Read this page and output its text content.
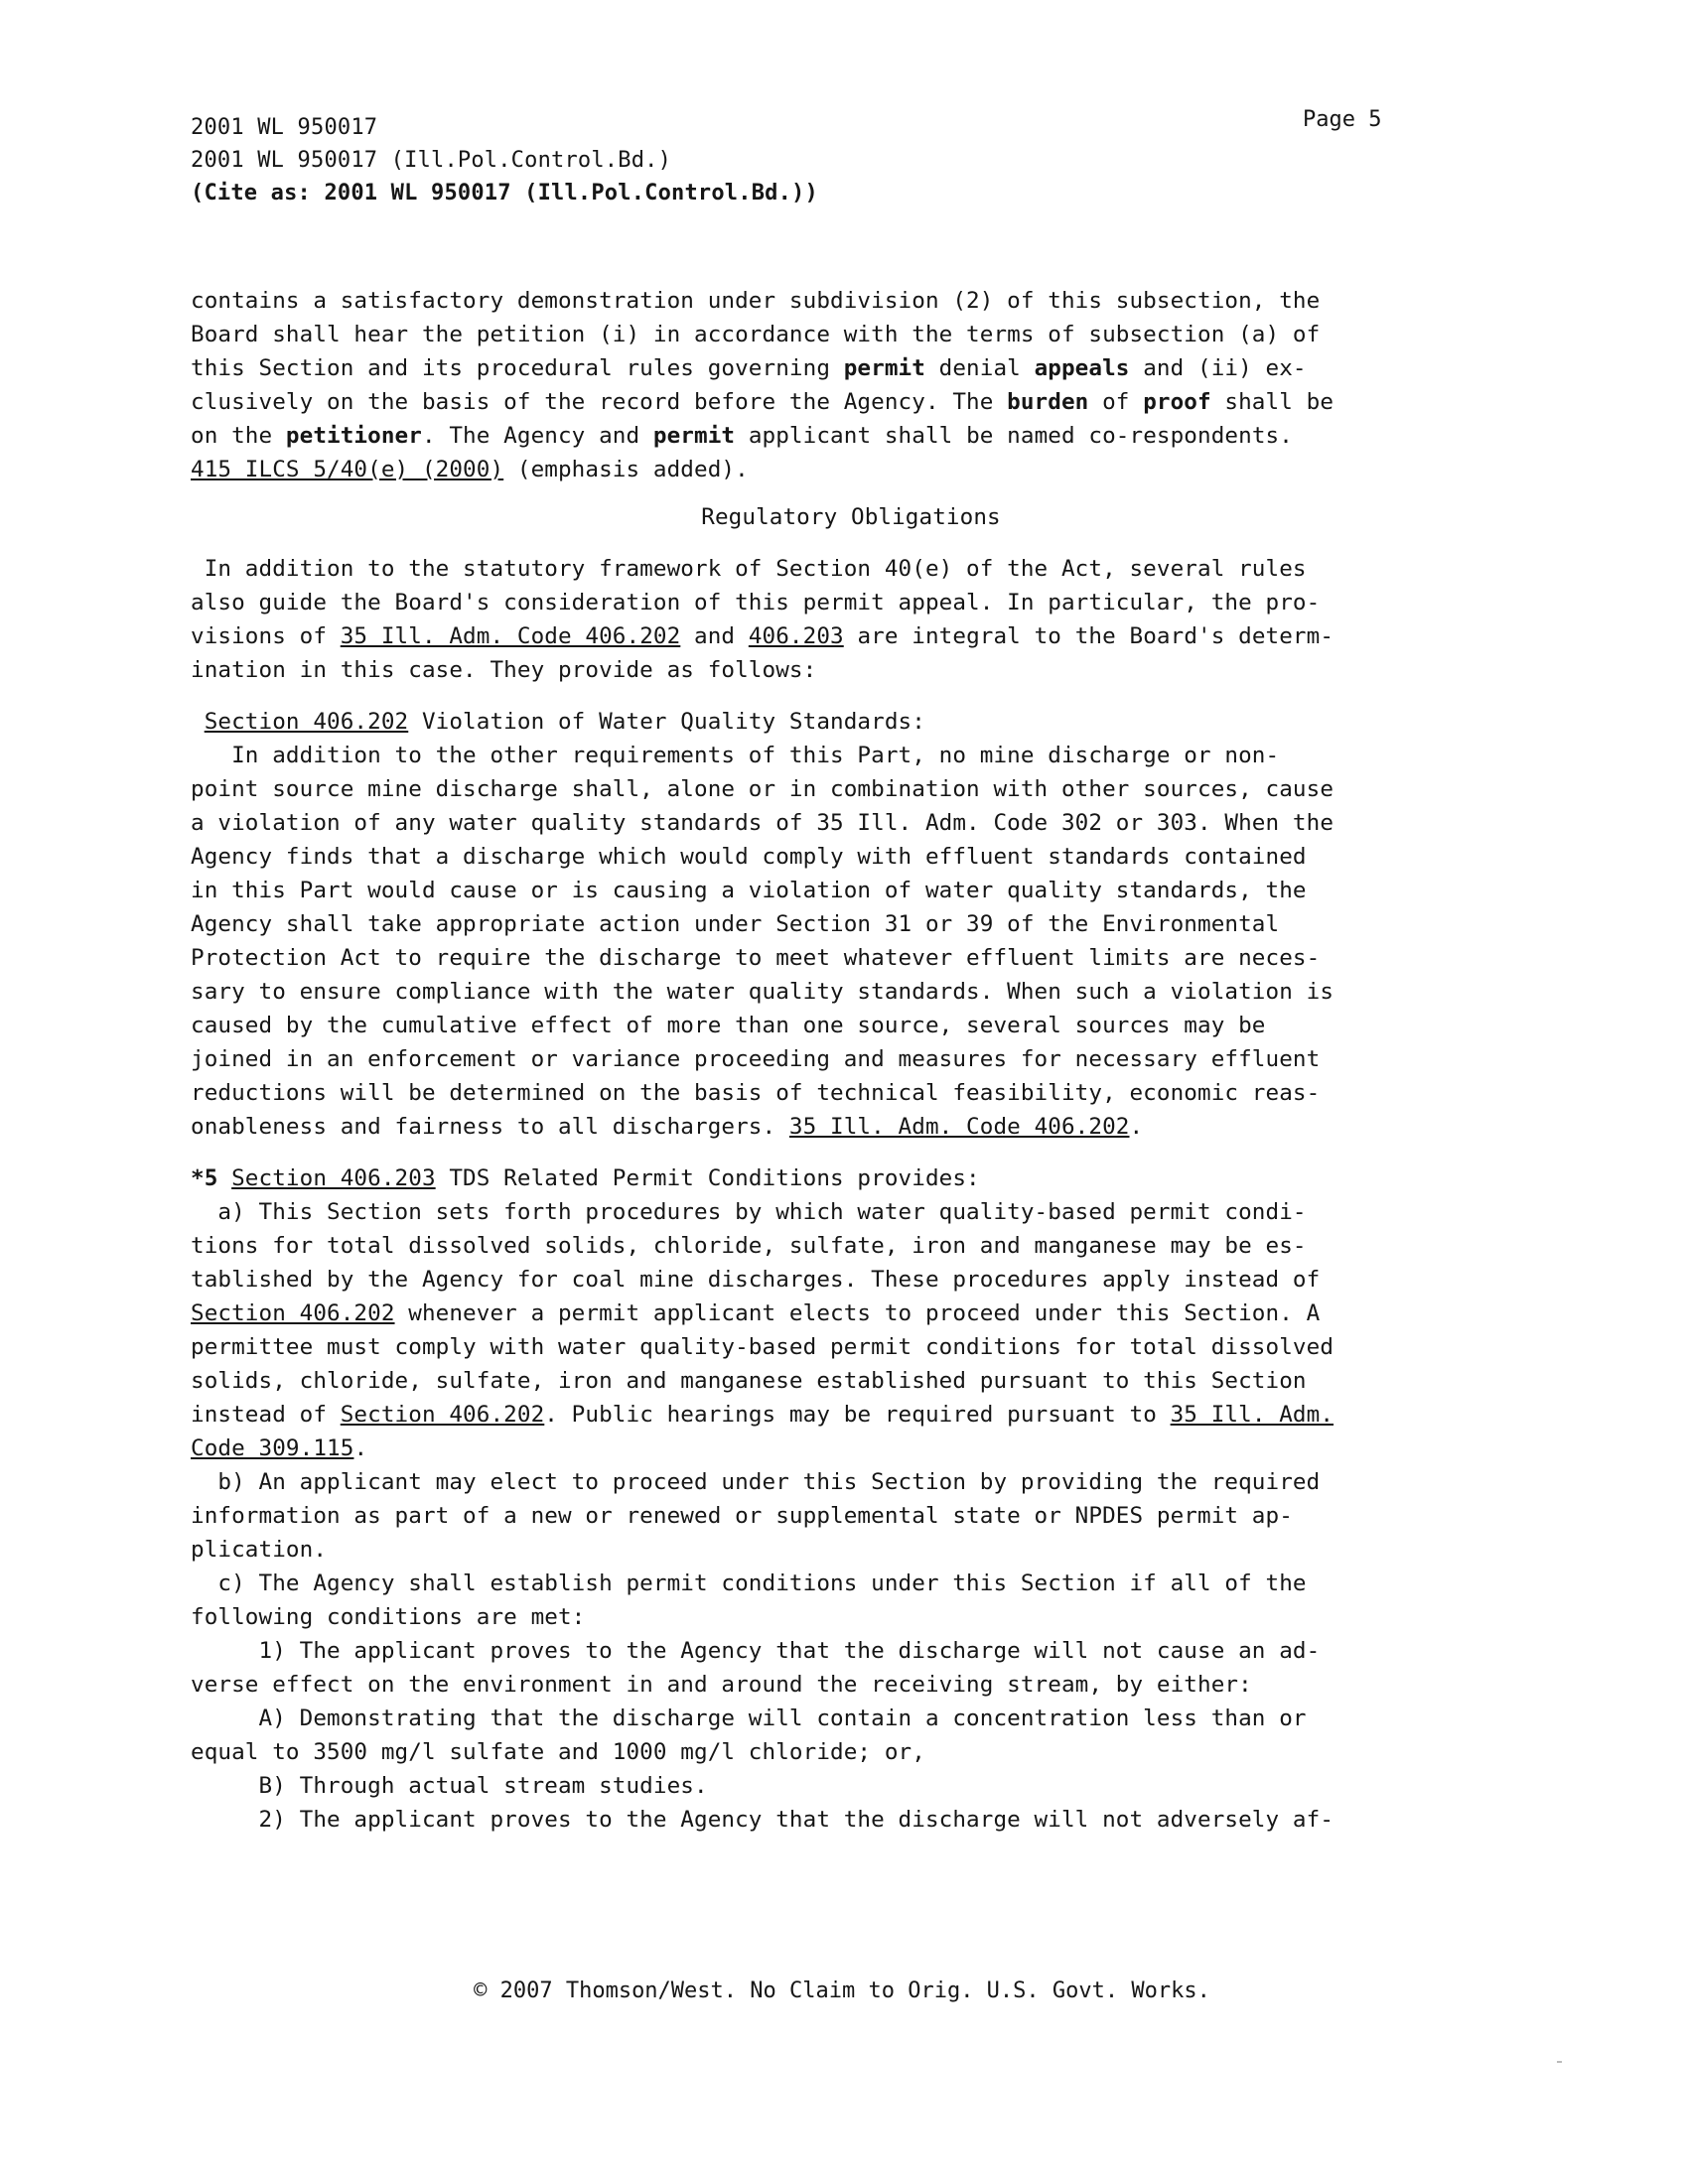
2001 WL 950017
2001 WL 950017 (Ill.Pol.Control.Bd.)
(Cite as: 2001 WL 950017 (Ill.Pol.Control.Bd.))
Page 5

contains a satisfactory demonstration under subdivision (2) of this subsection, the
Board shall hear the petition (i) in accordance with the terms of subsection (a) of
this Section and its procedural rules governing permit denial appeals and (ii) ex-
clusively on the basis of the record before the Agency. The burden of proof shall be
on the petitioner. The Agency and permit applicant shall be named co-respondents.
415 ILCS 5/40(e) (2000) (emphasis added).

Regulatory Obligations

In addition to the statutory framework of Section 40(e) of the Act, several rules
also guide the Board's consideration of this permit appeal. In particular, the pro-
visions of 35 Ill. Adm. Code 406.202 and 406.203 are integral to the Board's determ-
ination in this case. They provide as follows:

Section 406.202 Violation of Water Quality Standards:
In addition to the other requirements of this Part, no mine discharge or non-
point source mine discharge shall, alone or in combination with other sources, cause
a violation of any water quality standards of 35 Ill. Adm. Code 302 or 303. When the
Agency finds that a discharge which would comply with effluent standards contained
in this Part would cause or is causing a violation of water quality standards, the
Agency shall take appropriate action under Section 31 or 39 of the Environmental
Protection Act to require the discharge to meet whatever effluent limits are neces-
sary to ensure compliance with the water quality standards. When such a violation is
caused by the cumulative effect of more than one source, several sources may be
joined in an enforcement or variance proceeding and measures for necessary effluent
reductions will be determined on the basis of technical feasibility, economic reas-
onableness and fairness to all dischargers. 35 Ill. Adm. Code 406.202.

*5 Section 406.203 TDS Related Permit Conditions provides:
a) This Section sets forth procedures by which water quality-based permit condi-
tions for total dissolved solids, chloride, sulfate, iron and manganese may be es-
tablished by the Agency for coal mine discharges. These procedures apply instead of
Section 406.202 whenever a permit applicant elects to proceed under this Section. A
permittee must comply with water quality-based permit conditions for total dissolved
solids, chloride, sulfate, iron and manganese established pursuant to this Section
instead of Section 406.202. Public hearings may be required pursuant to 35 Ill. Adm.
Code 309.115.
b) An applicant may elect to proceed under this Section by providing the required
information as part of a new or renewed or supplemental state or NPDES permit ap-
plication.
c) The Agency shall establish permit conditions under this Section if all of the
following conditions are met:
1) The applicant proves to the Agency that the discharge will not cause an ad-
verse effect on the environment in and around the receiving stream, by either:
A) Demonstrating that the discharge will contain a concentration less than or
equal to 3500 mg/l sulfate and 1000 mg/l chloride; or,
B) Through actual stream studies.
2) The applicant proves to the Agency that the discharge will not adversely af-

© 2007 Thomson/West. No Claim to Orig. U.S. Govt. Works.
